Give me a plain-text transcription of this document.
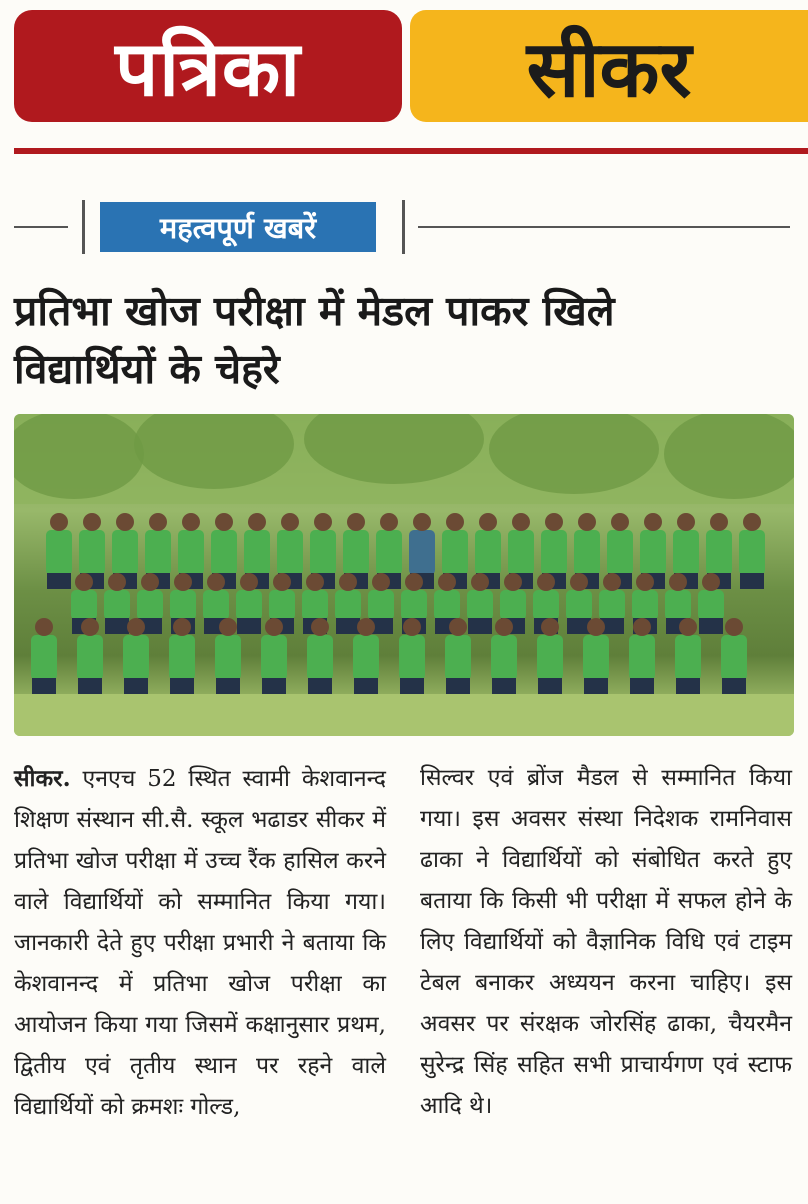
पत्रिका	सीकर
महत्वपूर्ण खबरें
प्रतिभा खोज परीक्षा में मेडल पाकर खिले
विद्यार्थियों के चेहरे
सीकर. एनएच 52 स्थित स्वामी केशवानन्द शिक्षण संस्थान सी.सै. स्कूल भढाडर सीकर में प्रतिभा खोज परीक्षा में उच्च रैंक हासिल करने वाले विद्यार्थियों को सम्मानित किया गया। जानकारी देते हुए परीक्षा प्रभारी ने बताया कि केशवानन्द में प्रतिभा खोज परीक्षा का आयोजन किया गया जिसमें कक्षानुसार प्रथम, द्वितीय एवं तृतीय स्थान पर रहने वाले विद्यार्थियों को क्रमशः गोल्ड,
सिल्वर एवं ब्रोंज मैडल से सम्मानित किया गया। इस अवसर संस्था निदेशक रामनिवास ढाका ने विद्यार्थियों को संबोधित करते हुए बताया कि किसी भी परीक्षा में सफल होने के लिए विद्यार्थियों को वैज्ञानिक विधि एवं टाइम टेबल बनाकर अध्ययन करना चाहिए। इस अवसर पर संरक्षक जोरसिंह ढाका, चैयरमैन सुरेन्द्र सिंह सहित सभी प्राचार्यगण एवं स्टाफ आदि थे।
